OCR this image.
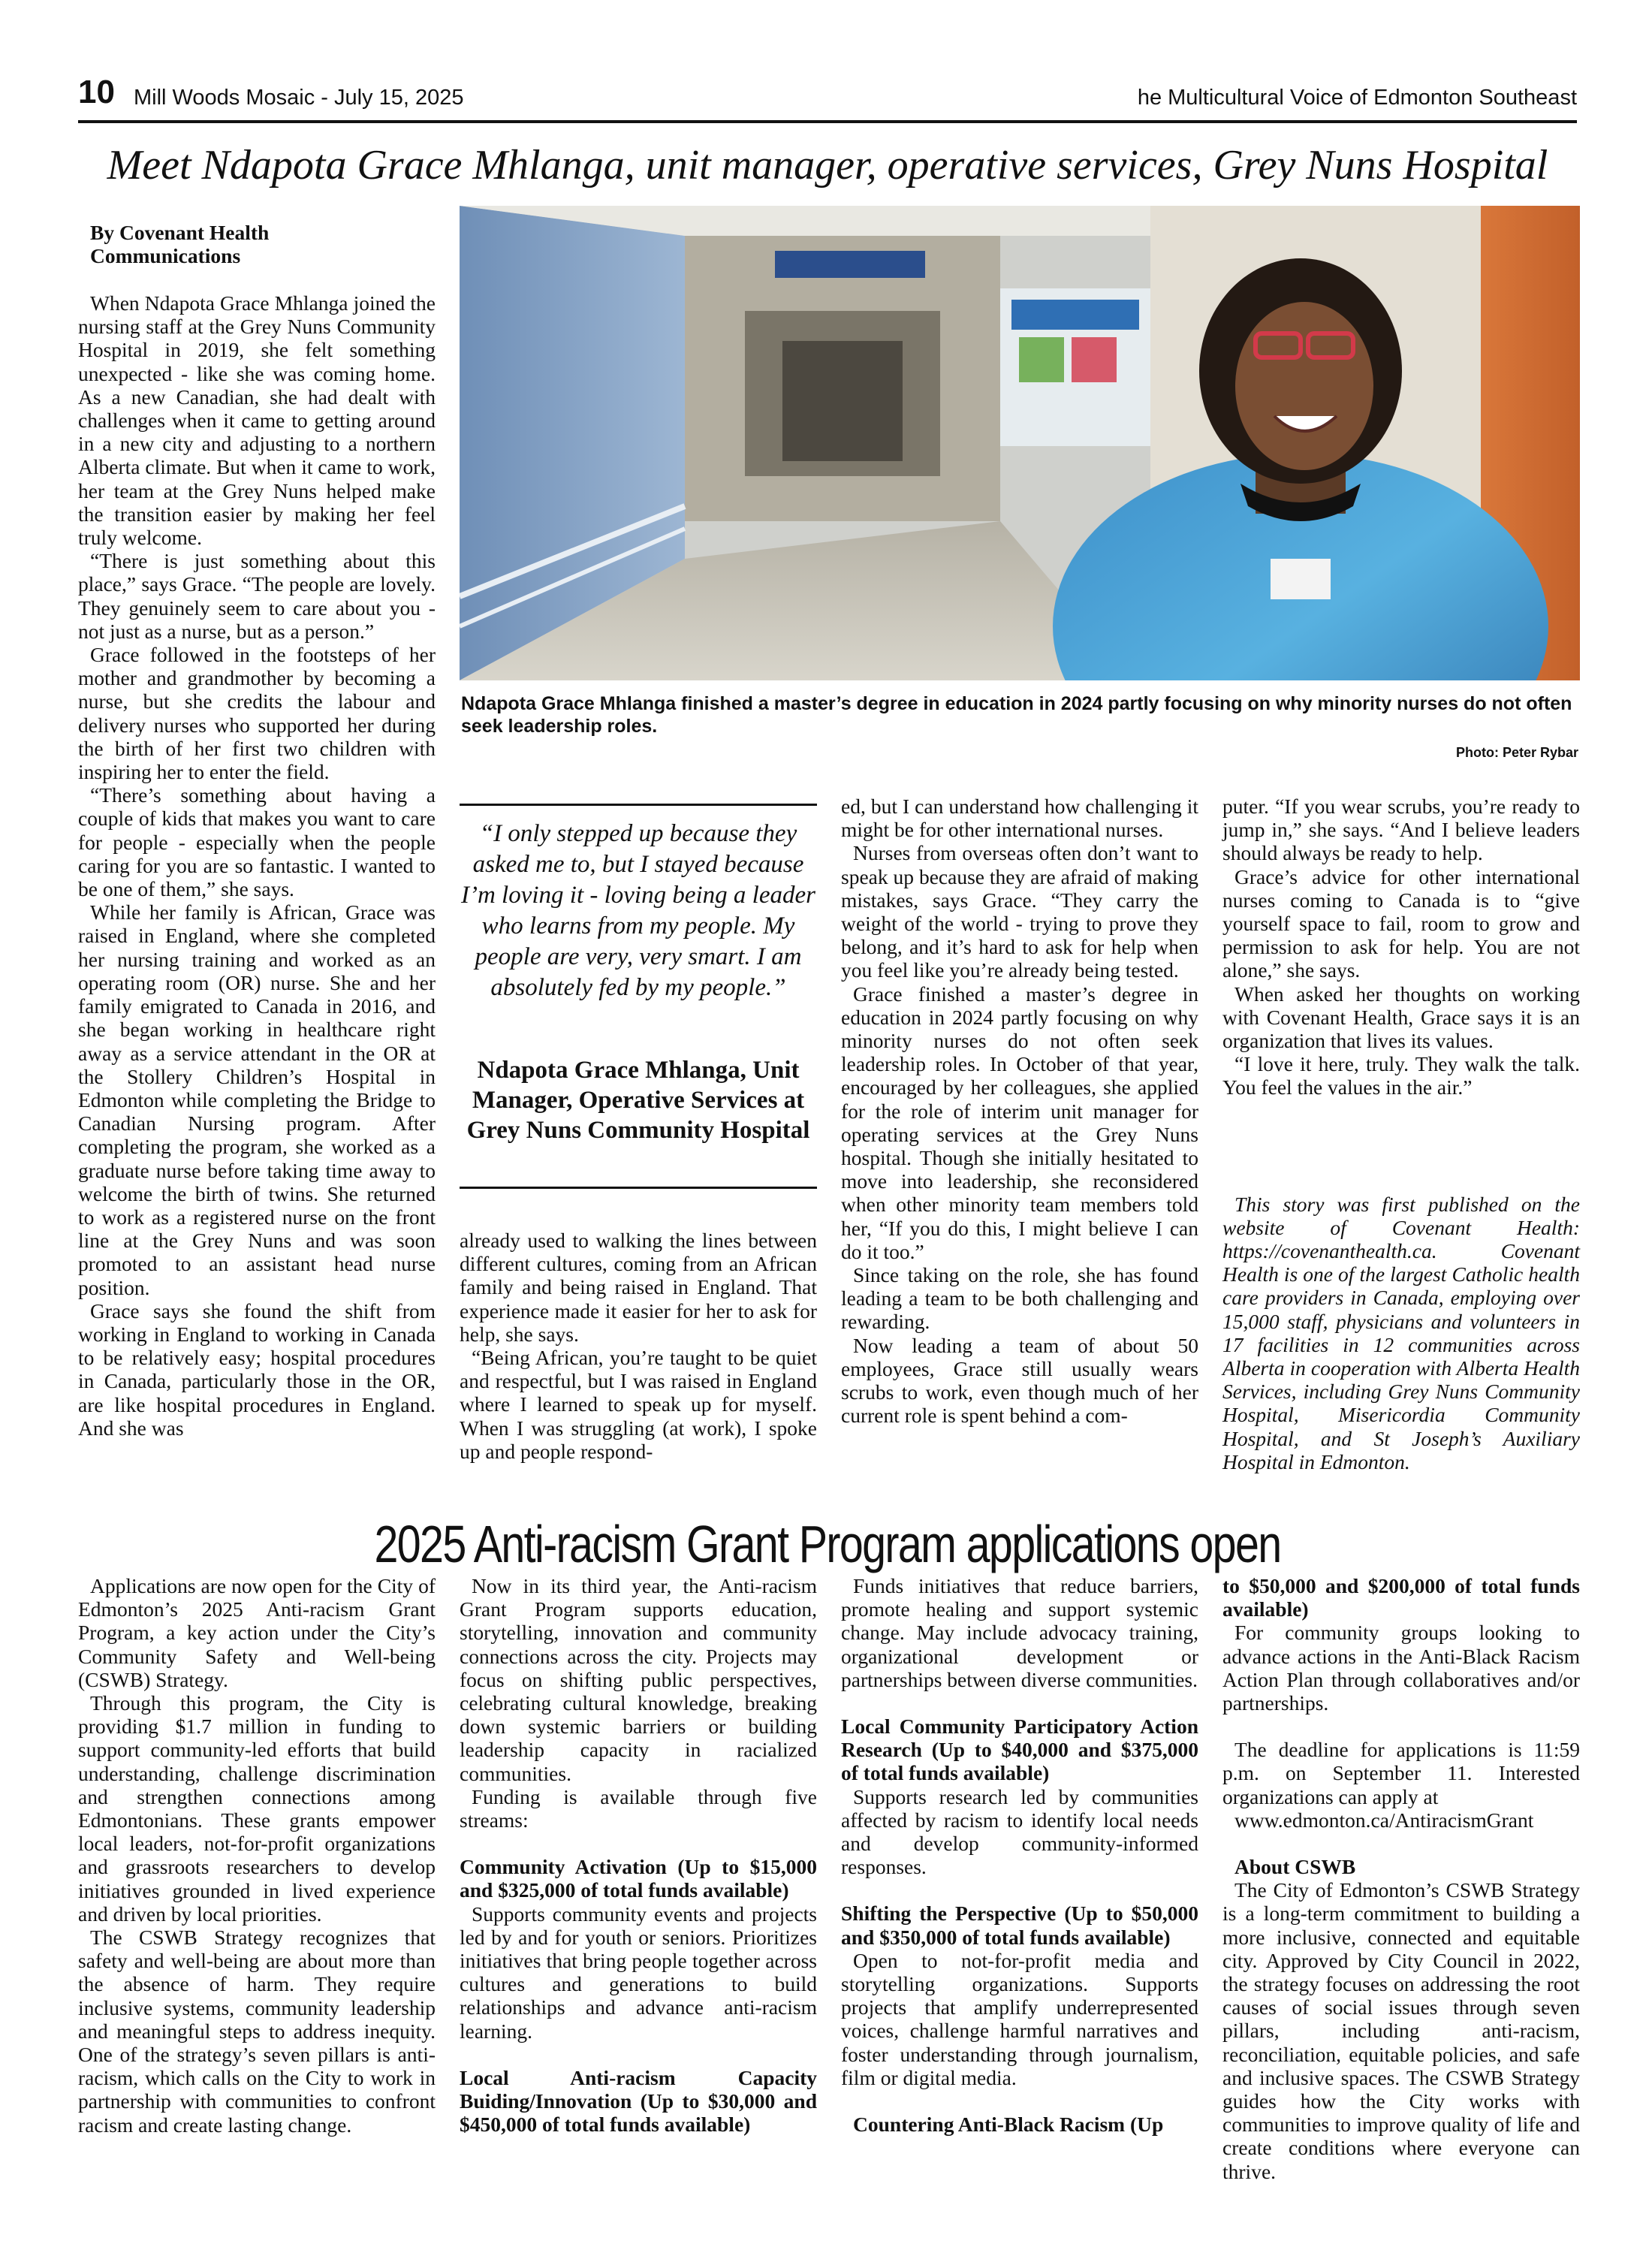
10 Mill Woods Mosaic - July 15, 2025	he Multicultural Voice of Edmonton Southeast
Meet Ndapota Grace Mhlanga, unit manager, operative services, Grey Nuns Hospital
By Covenant Health
Communications

When Ndapota Grace Mhlanga joined the nursing staff at the Grey Nuns Community Hospital in 2019, she felt something unexpected - like she was coming home. As a new Canadian, she had dealt with challenges when it came to getting around in a new city and adjusting to a northern Alberta climate. But when it came to work, her team at the Grey Nuns helped make the transition easier by making her feel truly welcome.

“There is just something about this place,” says Grace. “The people are lovely. They genuinely seem to care about you - not just as a nurse, but as a person.”

Grace followed in the footsteps of her mother and grandmother by becoming a nurse, but she credits the labour and delivery nurses who supported her during the birth of her first two children with inspiring her to enter the field.

“There’s something about having a couple of kids that makes you want to care for people - especially when the people caring for you are so fantastic. I wanted to be one of them,” she says.

While her family is African, Grace was raised in England, where she completed her nursing training and worked as an operating room (OR) nurse. She and her family emigrated to Canada in 2016, and she began working in healthcare right away as a service attendant in the OR at the Stollery Children’s Hospital in Edmonton while completing the Bridge to Canadian Nursing program. After completing the program, she worked as a graduate nurse before taking time away to welcome the birth of twins. She returned to work as a registered nurse on the front line at the Grey Nuns and was soon promoted to an assistant head nurse position.

Grace says she found the shift from working in England to working in Canada to be relatively easy; hospital procedures in Canada, particularly those in the OR, are like hospital procedures in England. And she was

Ndapota Grace Mhlanga finished a master’s degree in education in 2024 partly focusing on why minority nurses do not often seek leadership roles.
Photo: Peter Rybar
“I only stepped up because they asked me to, but I stayed because I’m loving it - loving being a leader who learns from my people. My people are very, very smart. I am absolutely fed by my people.”
Ndapota Grace Mhlanga, Unit Manager, Operative Services at Grey Nuns Community Hospital

already used to walking the lines between different cultures, coming from an African family and being raised in England. That experience made it easier for her to ask for help, she says.

“Being African, you’re taught to be quiet and respectful, but I was raised in England where I learned to speak up for myself. When I was struggling (at work), I spoke up and people respond-

ed, but I can understand how challenging it might be for other international nurses.

Nurses from overseas often don’t want to speak up because they are afraid of making mistakes, says Grace. “They carry the weight of the world - trying to prove they belong, and it’s hard to ask for help when you feel like you’re already being tested.

Grace finished a master’s degree in education in 2024 partly focusing on why minority nurses do not often seek leadership roles. In October of that year, encouraged by her colleagues, she applied for the role of interim unit manager for operating services at the Grey Nuns hospital. Though she initially hesitated to move into leadership, she reconsidered when other minority team members told her, “If you do this, I might believe I can do it too.”

Since taking on the role, she has found leading a team to be both challenging and rewarding.

Now leading a team of about 50 employees, Grace still usually wears scrubs to work, even though much of her current role is spent behind a com-

puter. “If you wear scrubs, you’re ready to jump in,” she says. “And I believe leaders should always be ready to help.

Grace’s advice for other international nurses coming to Canada is to “give yourself space to fail, room to grow and permission to ask for help. You are not alone,” she says.

When asked her thoughts on working with Covenant Health, Grace says it is an organization that lives its values.

“I love it here, truly. They walk the talk. You feel the values in the air.”

This story was first published on the website of Covenant Health: https://covenanthealth.ca. Covenant Health is one of the largest Catholic health care providers in Canada, employing over 15,000 staff, physicians and volunteers in 17 facilities in 12 communities across Alberta in cooperation with Alberta Health Services, including Grey Nuns Community Hospital, Misericordia Community Hospital, and St Joseph’s Auxiliary Hospital in Edmonton.

2025 Anti-racism Grant Program applications open

Applications are now open for the City of Edmonton’s 2025 Anti-racism Grant Program, a key action under the City’s Community Safety and Well-being (CSWB) Strategy.

Through this program, the City is providing $1.7 million in funding to support community-led efforts that build understanding, challenge discrimination and strengthen connections among Edmontonians. These grants empower local leaders, not-for-profit organizations and grassroots researchers to develop initiatives grounded in lived experience and driven by local priorities.

The CSWB Strategy recognizes that safety and well-being are about more than the absence of harm. They require inclusive systems, community leadership and meaningful steps to address inequity. One of the strategy’s seven pillars is anti-racism, which calls on the City to work in partnership with communities to confront racism and create lasting change.

Now in its third year, the Anti-racism Grant Program supports education, storytelling, innovation and community connections across the city. Projects may focus on shifting public perspectives, celebrating cultural knowledge, breaking down systemic barriers or building leadership capacity in racialized communities.

Funding is available through five streams:

Community Activation (Up to $15,000 and $325,000 of total funds available)

Supports community events and projects led by and for youth or seniors. Prioritizes initiatives that bring people together across cultures and generations to build relationships and advance anti-racism learning.

Local Anti-racism Capacity Buiding/Innovation (Up to $30,000 and $450,000 of total funds available)

Funds initiatives that reduce barriers, promote healing and support systemic change. May include advocacy training, organizational development or partnerships between diverse communities.

Local Community Participatory Action Research (Up to $40,000 and $375,000 of total funds available)

Supports research led by communities affected by racism to identify local needs and develop community-informed responses.

Shifting the Perspective (Up to $50,000 and $350,000 of total funds available)

Open to not-for-profit media and storytelling organizations. Supports projects that amplify underrepresented voices, challenge harmful narratives and foster understanding through journalism, film or digital media.

Countering Anti-Black Racism (Up

to $50,000 and $200,000 of total funds available)

For community groups looking to advance actions in the Anti-Black Racism Action Plan through collaboratives and/or partnerships.

The deadline for applications is 11:59 p.m. on September 11. Interested organizations can apply at

www.edmonton.ca/AntiracismGrant

About CSWB

The City of Edmonton’s CSWB Strategy is a long-term commitment to building a more inclusive, connected and equitable city. Approved by City Council in 2022, the strategy focuses on addressing the root causes of social issues through seven pillars, including anti-racism, reconciliation, equitable policies, and safe and inclusive spaces. The CSWB Strategy guides how the City works with communities to improve quality of life and create conditions where everyone can thrive.
